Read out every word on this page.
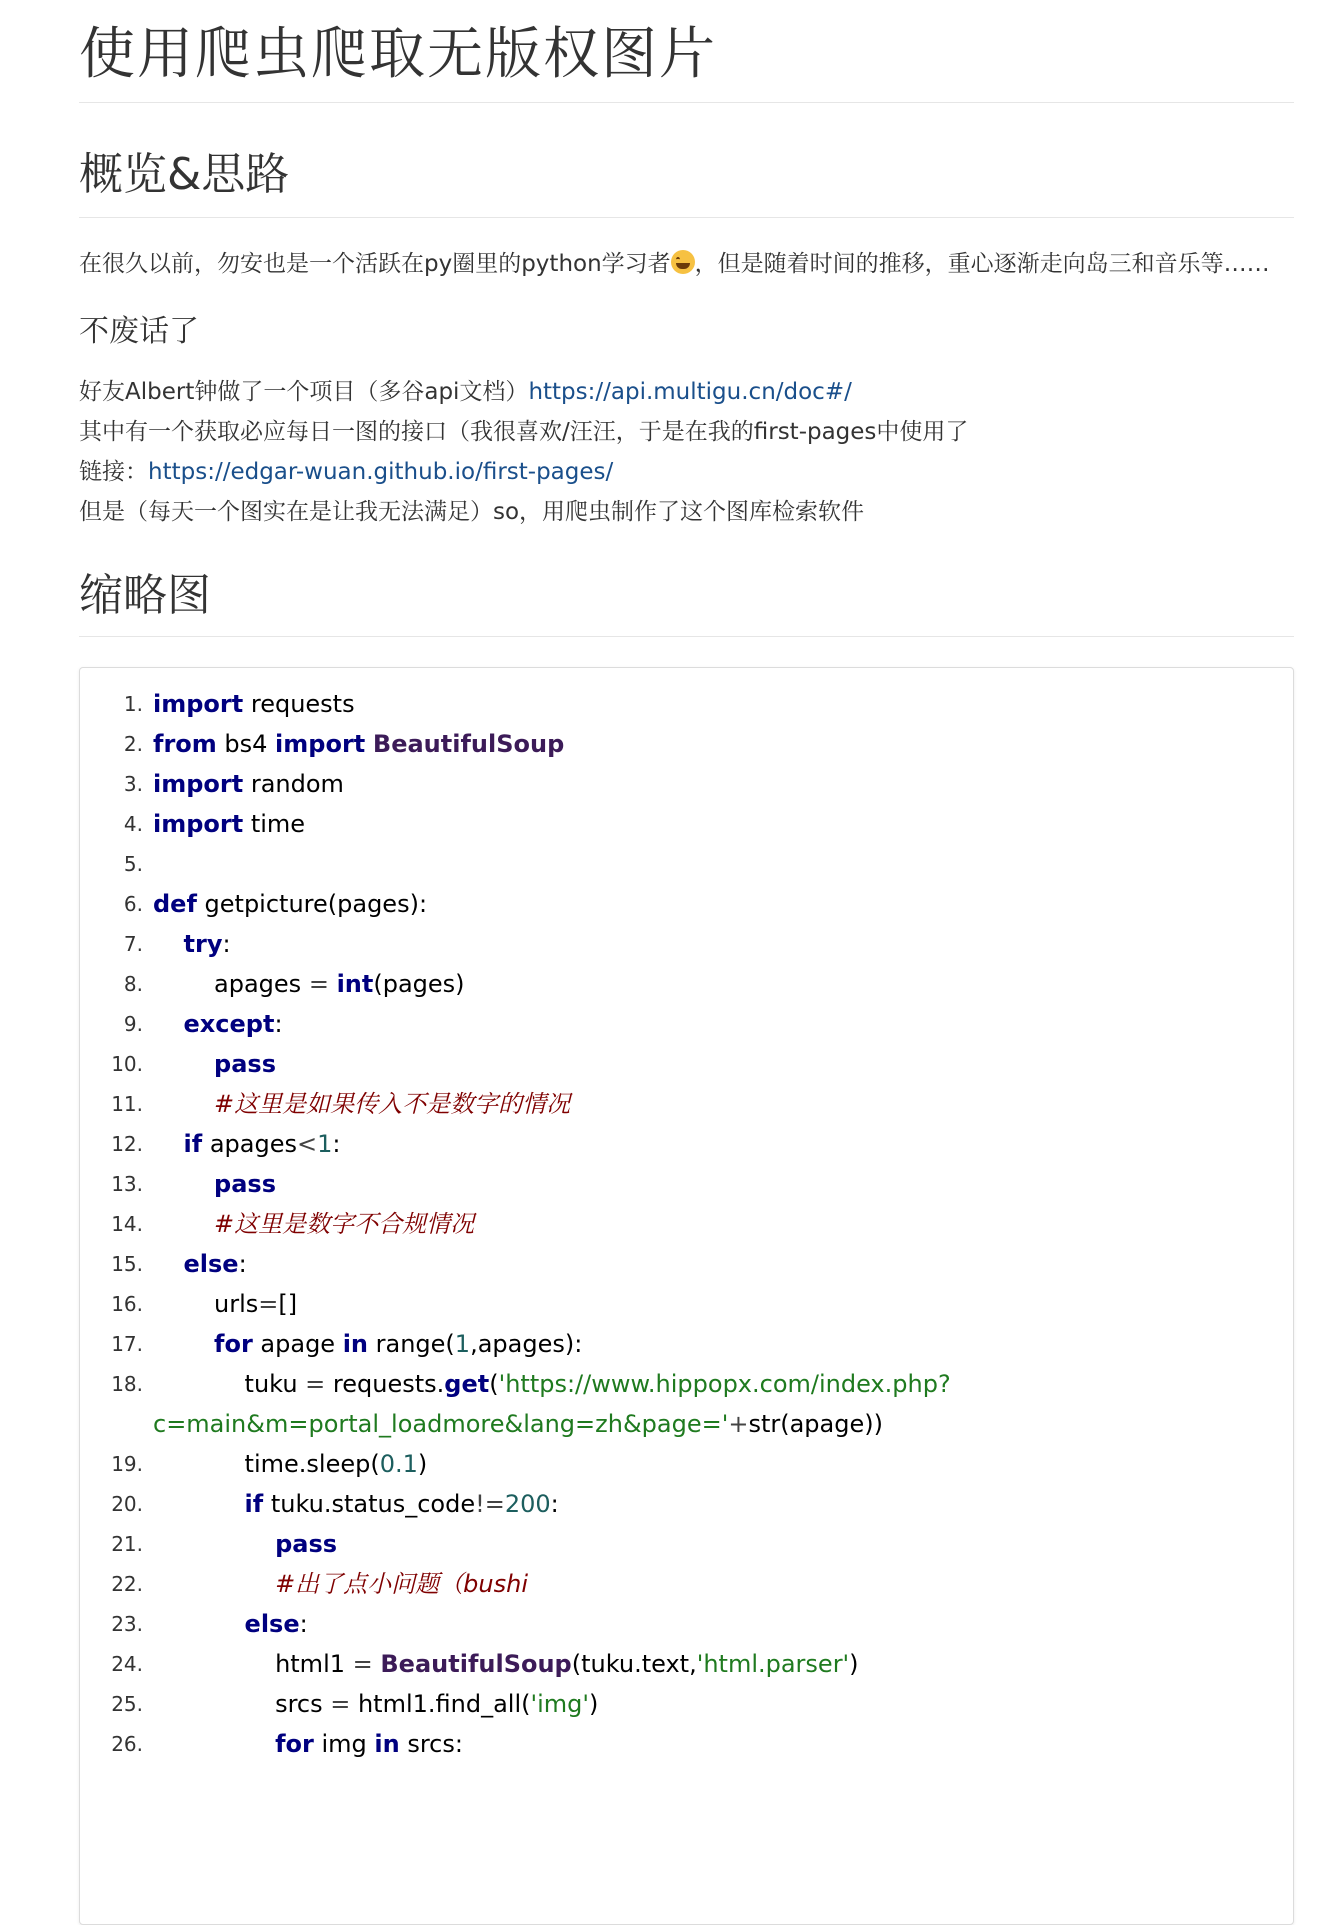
使用爬虫爬取无版权图片
概览&思路

在很久以前，勿安也是一个活跃在py圈里的python学习者 ，但是随着时间的推移，重心逐渐走向岛三和音乐等……

不废话了
好友Albert钟做了一个项目（多谷api文档）https://api.multigu.cn/doc#/
其中有一个获取必应每日一图的接口（我很喜欢/汪汪，于是在我的first-pages中使用了
链接：https://edgar-wuan.github.io/first-pages/
但是（每天一个图实在是让我无法满足）so，用爬虫制作了这个图库检索软件
缩略图
1. import requests
2. from bs4 import BeautifulSoup
3. import random
4. import time
5.
6. def getpicture(pages):
7.	try:
8. apages = int(pages)
9.	except:
10.	pass
11.	#这里是如果传入不是数字的情况
12.	if apages<1:
13.	pass
14.	#这里是数字不合规情况
15.	else:
16. urls=[]
17.	for apage in range(1,apages):
18. tuku = requests.get('https://www.hippopx.com/index.php?c=main&m=portal_loadmore&lang=zh&page='+str(apage))
19. time.sleep(0.1)
20.	if tuku.status_code!=200:
21.	pass
22.	#出了点小问题（bushi
23.	else:
24. html1 = BeautifulSoup(tuku.text,'html.parser')
25. srcs = html1.find_all('img')
26.	for img in srcs:
